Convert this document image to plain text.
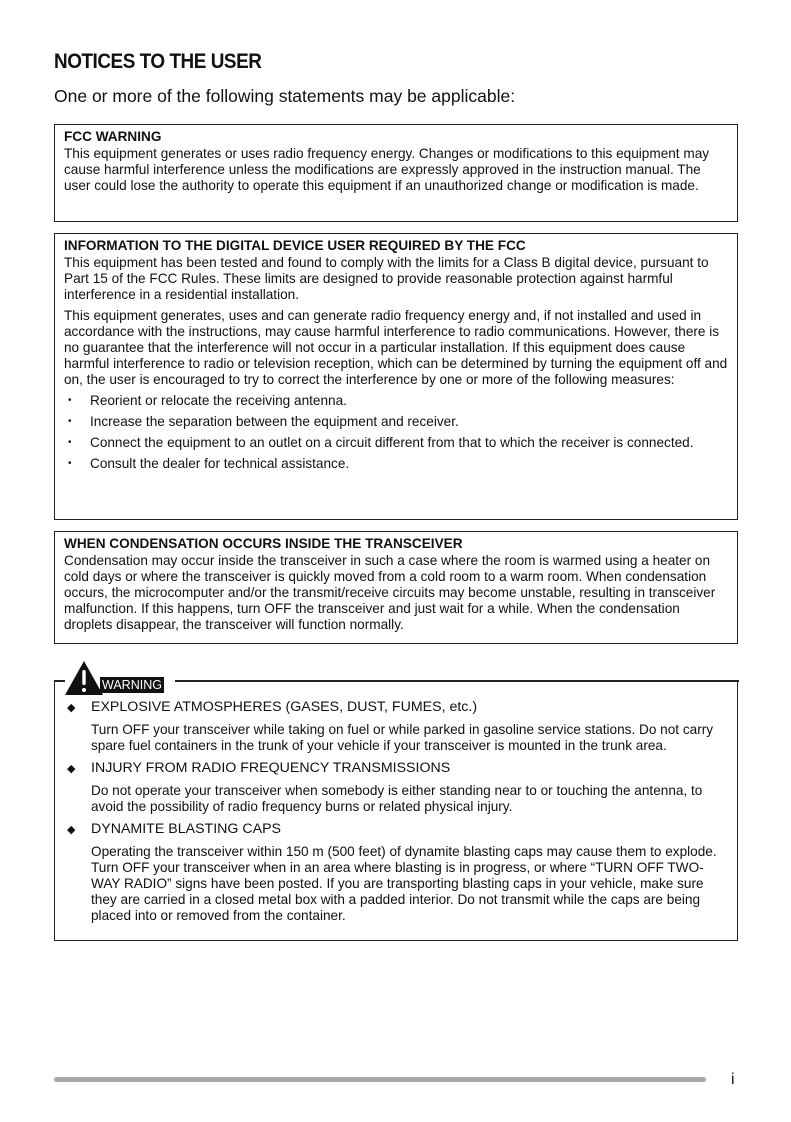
NOTICES TO THE USER
One or more of the following statements may be applicable:
FCC WARNING

This equipment generates or uses radio frequency energy. Changes or modifications to this equipment may cause harmful interference unless the modifications are expressly approved in the instruction manual. The user could lose the authority to operate this equipment if an unauthorized change or modification is made.

INFORMATION TO THE DIGITAL DEVICE USER REQUIRED BY THE FCC

This equipment has been tested and found to comply with the limits for a Class B digital device, pursuant to Part 15 of the FCC Rules. These limits are designed to provide reasonable protection against harmful interference in a residential installation.

This equipment generates, uses and can generate radio frequency energy and, if not installed and used in accordance with the instructions, may cause harmful interference to radio communications. However, there is no guarantee that the interference will not occur in a particular installation. If this equipment does cause harmful interference to radio or television reception, which can be determined by turning the equipment off and on, the user is encouraged to try to correct the interference by one or more of the following measures:

• Reorient or relocate the receiving antenna.
• Increase the separation between the equipment and receiver.
• Connect the equipment to an outlet on a circuit different from that to which the receiver is connected.
• Consult the dealer for technical assistance.
WHEN CONDENSATION OCCURS INSIDE THE TRANSCEIVER

Condensation may occur inside the transceiver in such a case where the room is warmed using a heater on cold days or where the transceiver is quickly moved from a cold room to a warm room. When condensation occurs, the microcomputer and/or the transmit/receive circuits may become unstable, resulting in transceiver malfunction. If this happens, turn OFF the transceiver and just wait for a while. When the condensation droplets disappear, the transceiver will function normally.

◆	EXPLOSIVE ATMOSPHERES (GASES, DUST, FUMES, etc.)

Turn OFF your transceiver while taking on fuel or while parked in gasoline service stations. Do not carry spare fuel containers in the trunk of your vehicle if your transceiver is mounted in the trunk area.

◆	INJURY FROM RADIO FREQUENCY TRANSMISSIONS

Do not operate your transceiver when somebody is either standing near to or touching the antenna, to avoid the possibility of radio frequency burns or related physical injury.

◆	DYNAMITE BLASTING CAPS

Operating the transceiver within 150 m (500 feet) of dynamite blasting caps may cause them to explode. Turn OFF your transceiver when in an area where blasting is in progress, or where “TURN OFF TWO-WAY RADIO” signs have been posted. If you are transporting blasting caps in your vehicle, make sure they are carried in a closed metal box with a padded interior. Do not transmit while the caps are being placed into or removed from the container.

WARNING
i
